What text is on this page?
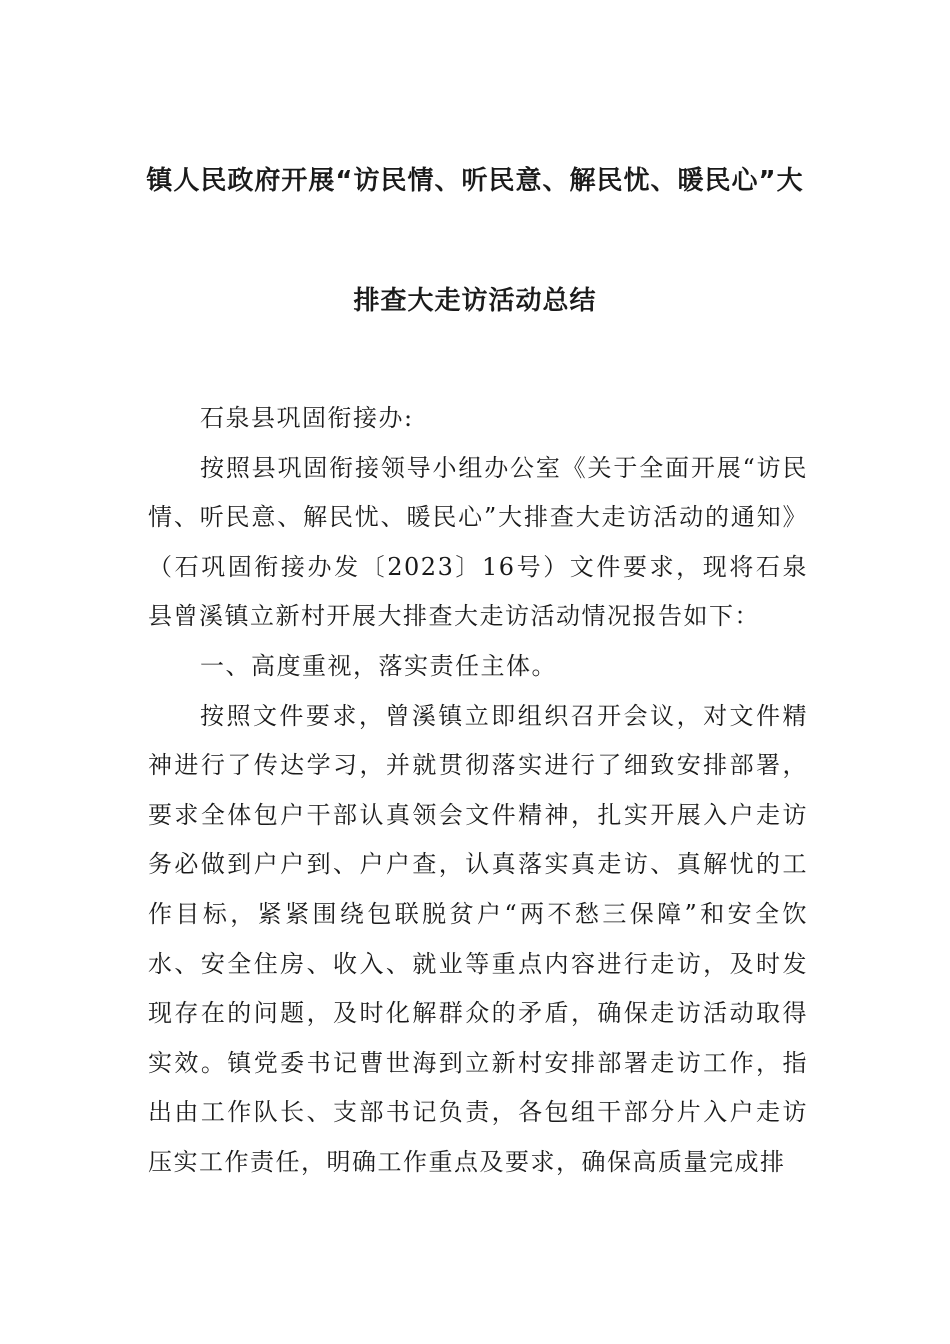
镇人民政府开展“访民情、听民意、解民忧、暖民心”大
排查大走访活动总结

石泉县巩固衔接办:

按照县巩固衔接领导小组办公室《关于全面开展“访民情、听民意、解民忧、暖民心”大排查大走访活动的通知》（石巩固衔接办发〔2023〕16号）文件要求，现将石泉县曾溪镇立新村开展大排查大走访活动情况报告如下：

一、高度重视，落实责任主体。

按照文件要求，曾溪镇立即组织召开会议，对文件精神进行了传达学习，并就贯彻落实进行了细致安排部署，要求全体包户干部认真领会文件精神，扎实开展入户走访务必做到户户到、户户查，认真落实真走访、真解忧的工作目标，紧紧围绕包联脱贫户“两不愁三保障”和安全饮水、安全住房、收入、就业等重点内容进行走访，及时发现存在的问题，及时化解群众的矛盾，确保走访活动取得实效。镇党委书记曹世海到立新村安排部署走访工作，指出由工作队长、支部书记负责，各包组干部分片入户走访压实工作责任，明确工作重点及要求，确保高质量完成排
